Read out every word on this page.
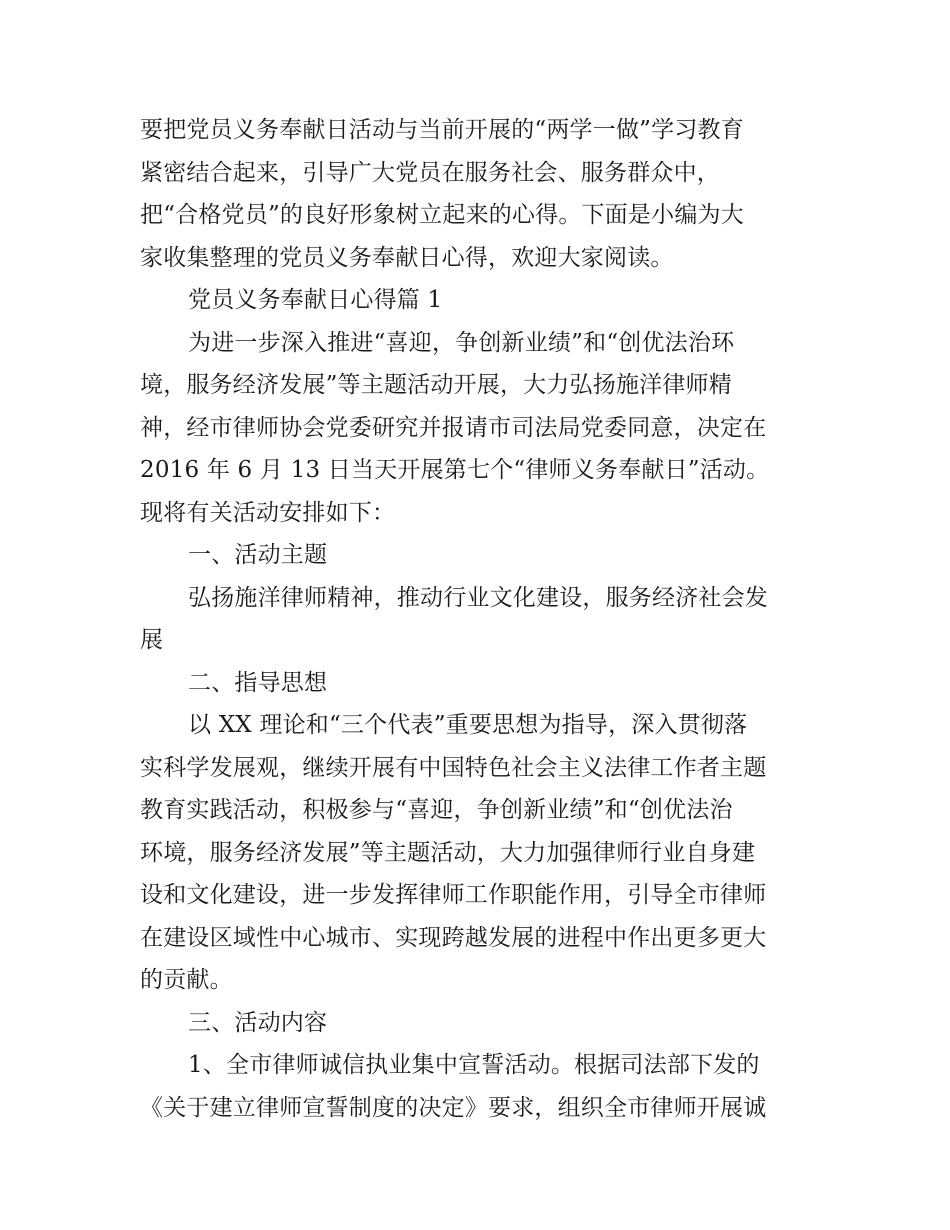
要把党员义务奉献日活动与当前开展的“两学一做”学习教育
紧密结合起来，引导广大党员在服务社会、服务群众中，
把“合格党员”的良好形象树立起来的心得。下面是小编为大
家收集整理的党员义务奉献日心得，欢迎大家阅读。
党员义务奉献日心得篇 1
为进一步深入推进“喜迎，争创新业绩”和“创优法治环
境，服务经济发展”等主题活动开展，大力弘扬施洋律师精
神，经市律师协会党委研究并报请市司法局党委同意，决定在
2016 年 6 月 13 日当天开展第七个“律师义务奉献日”活动。
现将有关活动安排如下：
一、活动主题
弘扬施洋律师精神，推动行业文化建设，服务经济社会发
展
二、指导思想
以 XX 理论和“三个代表”重要思想为指导，深入贯彻落
实科学发展观，继续开展有中国特色社会主义法律工作者主题
教育实践活动，积极参与“喜迎，争创新业绩”和“创优法治
环境，服务经济发展”等主题活动，大力加强律师行业自身建
设和文化建设，进一步发挥律师工作职能作用，引导全市律师
在建设区域性中心城市、实现跨越发展的进程中作出更多更大
的贡献。
三、活动内容
1、全市律师诚信执业集中宣誓活动。根据司法部下发的
《关于建立律师宣誓制度的决定》要求，组织全市律师开展诚
